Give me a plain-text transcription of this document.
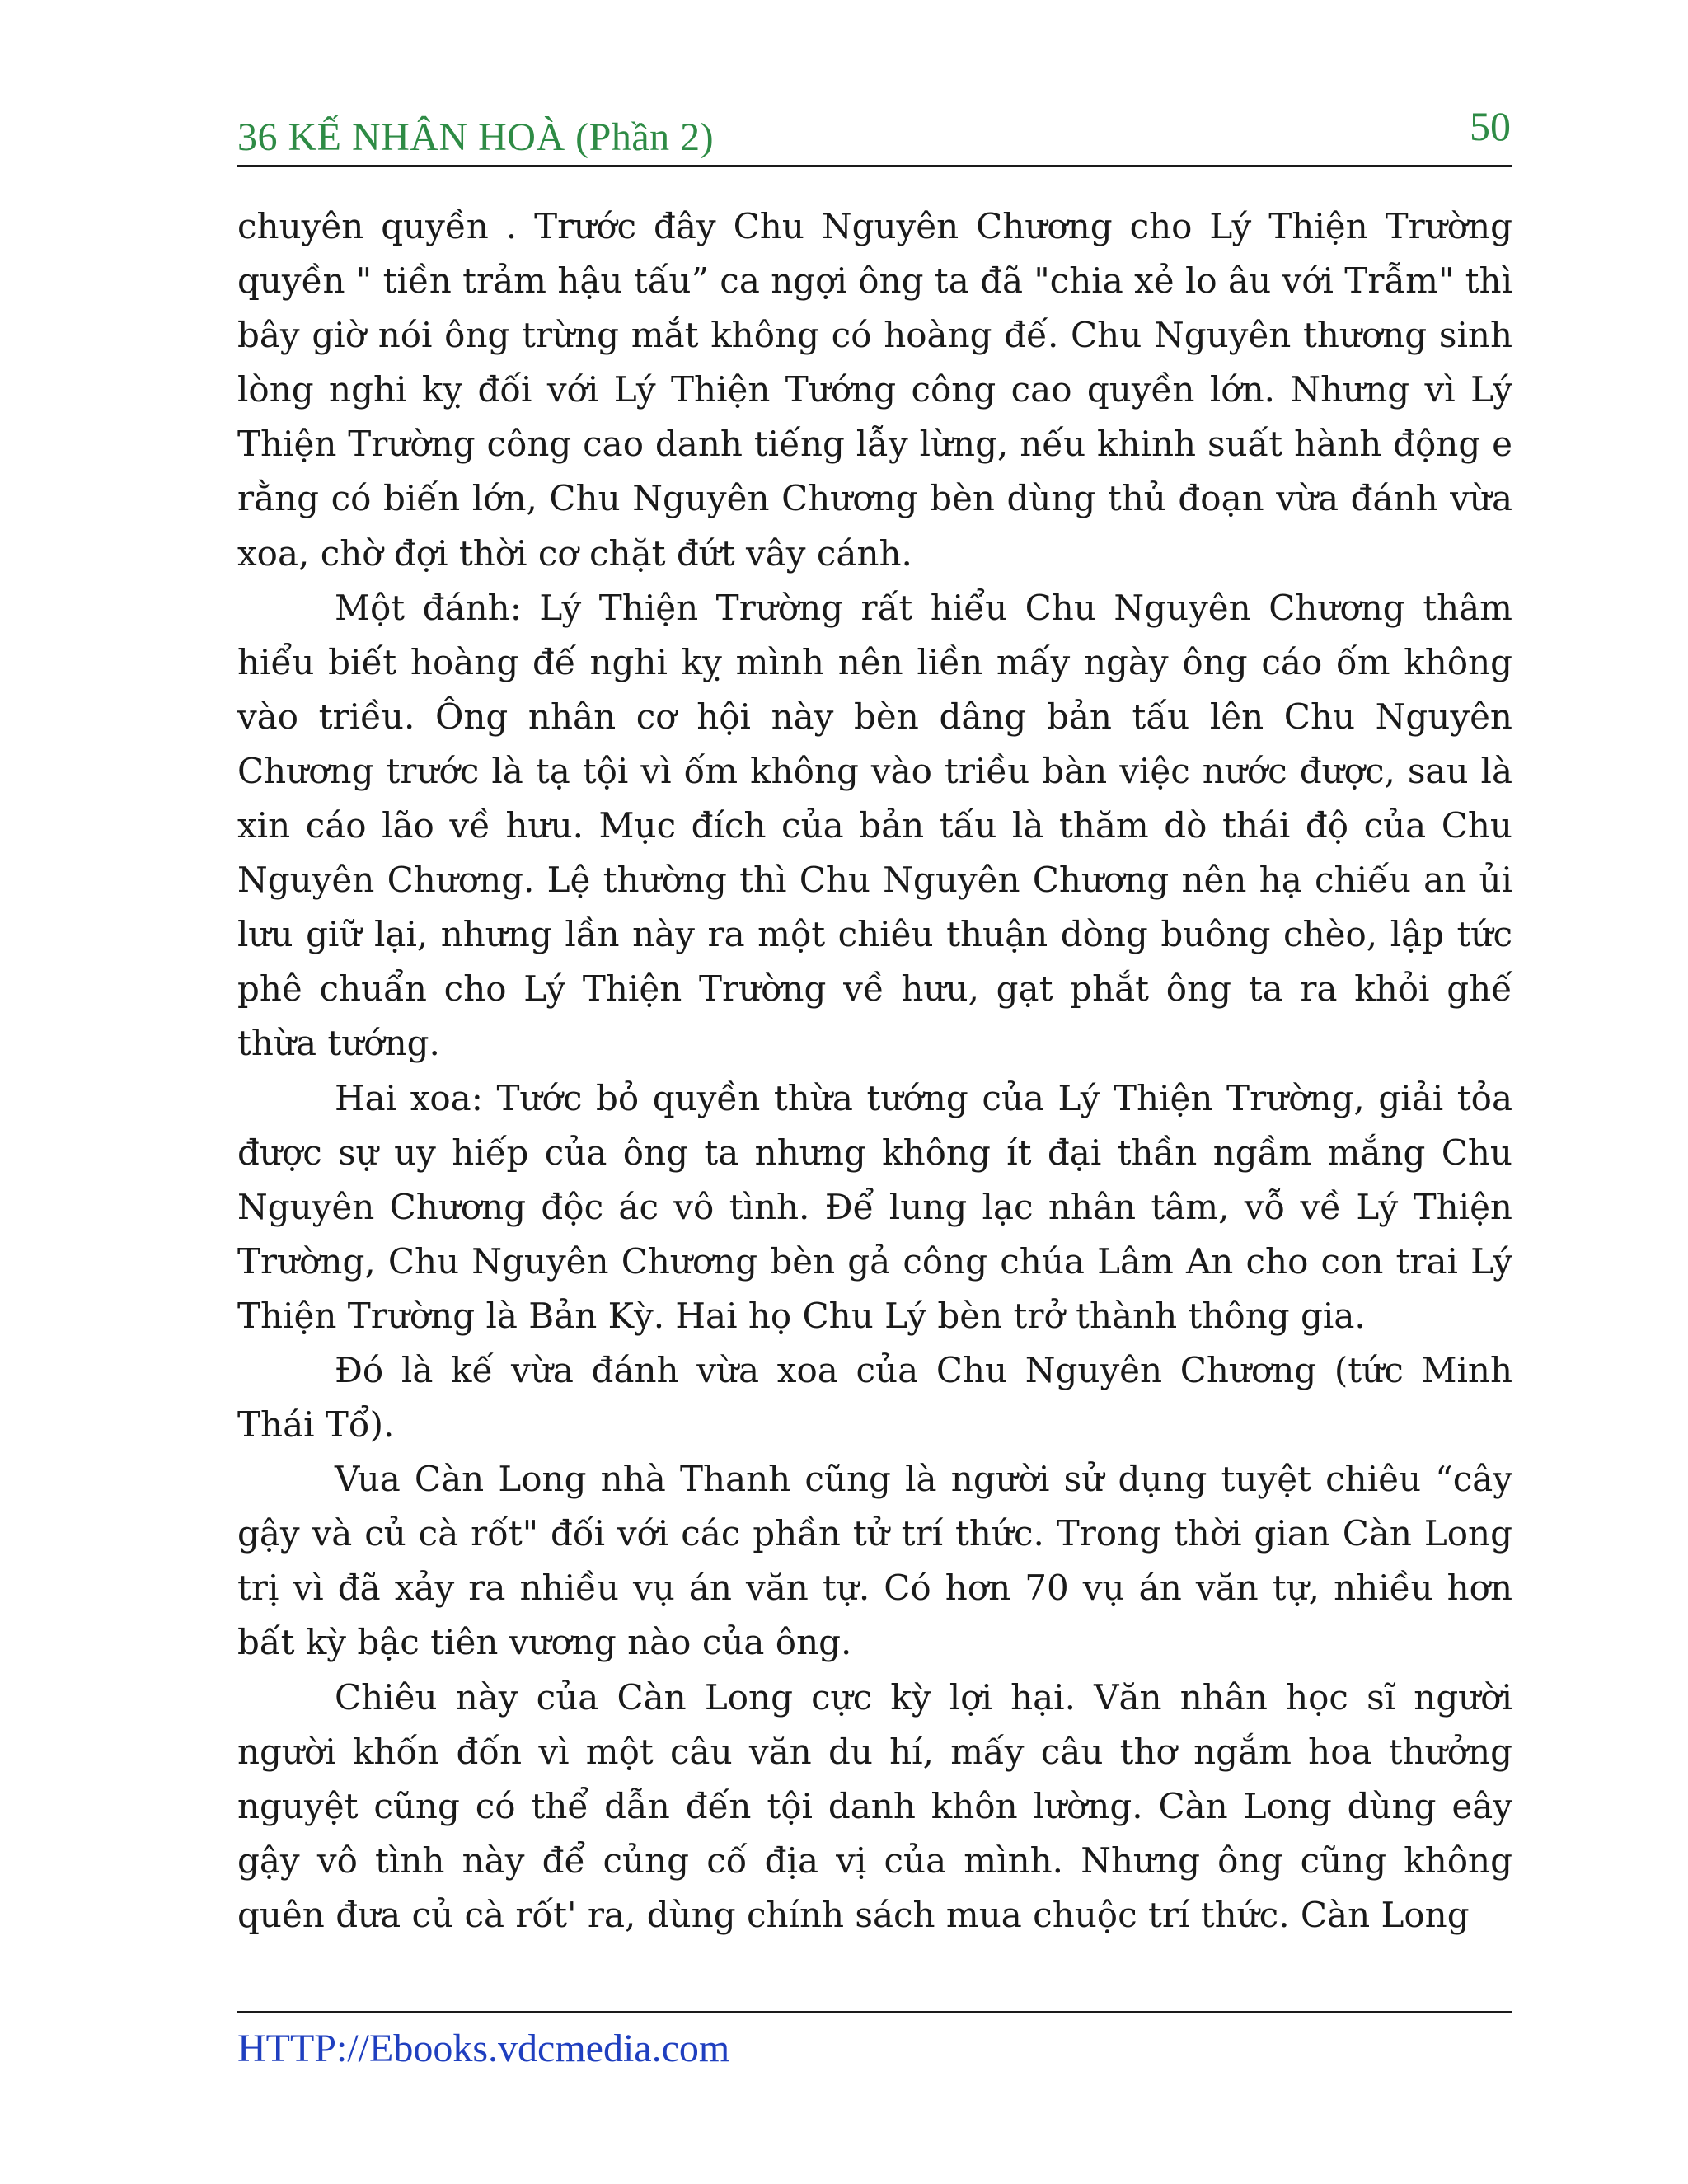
36 KẾ NHÂN HOÀ (Phần 2)	50

chuyên quyền . Trước đây Chu Nguyên Chương cho Lý Thiện Trường quyền " tiền trảm hậu tấu” ca ngợi ông ta đã "chia xẻ lo âu với Trẫm" thì bây giờ nói ông trừng mắt không có hoàng đế. Chu Nguyên thương sinh lòng nghi kỵ đối với Lý Thiện Tướng công cao quyền lớn. Nhưng vì Lý Thiện Trường công cao danh tiếng lẫy lừng, nếu khinh suất hành động e rằng có biến lớn, Chu Nguyên Chương bèn dùng thủ đoạn vừa đánh vừa xoa, chờ đợi thời cơ chặt đứt vây cánh.

Một đánh: Lý Thiện Trường rất hiểu Chu Nguyên Chương thâm hiểu biết hoàng đế nghi kỵ mình nên liền mấy ngày ông cáo ốm không vào triều. Ông nhân cơ hội này bèn dâng bản tấu lên Chu Nguyên Chương trước là tạ tội vì ốm không vào triều bàn việc nước được, sau là xin cáo lão về hưu. Mục đích của bản tấu là thăm dò thái độ của Chu Nguyên Chương. Lệ thường thì Chu Nguyên Chương nên hạ chiếu an ủi lưu giữ lại, nhưng lần này ra một chiêu thuận dòng buông chèo, lập tức phê chuẩn cho Lý Thiện Trường về hưu, gạt phắt ông ta ra khỏi ghế thừa tướng.

Hai xoa: Tước bỏ quyền thừa tướng của Lý Thiện Trường, giải tỏa được sự uy hiếp của ông ta nhưng không ít đại thần ngầm mắng Chu Nguyên Chương độc ác vô tình. Để lung lạc nhân tâm, vỗ về Lý Thiện Trường, Chu Nguyên Chương bèn gả công chúa Lâm An cho con trai Lý Thiện Trường là Bản Kỳ. Hai họ Chu Lý bèn trở thành thông gia.

Đó là kế vừa đánh vừa xoa của Chu Nguyên Chương (tức Minh Thái Tổ).

Vua Càn Long nhà Thanh cũng là người sử dụng tuyệt chiêu “cây gậy và củ cà rốt" đối với các phần tử trí thức. Trong thời gian Càn Long trị vì đã xảy ra nhiều vụ án văn tự. Có hơn 70 vụ án văn tự, nhiều hơn bất kỳ bậc tiên vương nào của ông.

Chiêu này của Càn Long cực kỳ lợi hại. Văn nhân học sĩ người người khốn đốn vì một câu văn du hí, mấy câu thơ ngắm hoa thưởng nguyệt cũng có thể dẫn đến tội danh khôn lường. Càn Long dùng eây gậy vô tình này để củng cố địa vị của mình. Nhưng ông cũng không quên đưa củ cà rốt' ra, dùng chính sách mua chuộc trí thức. Càn Long

HTTP://Ebooks.vdcmedia.com
